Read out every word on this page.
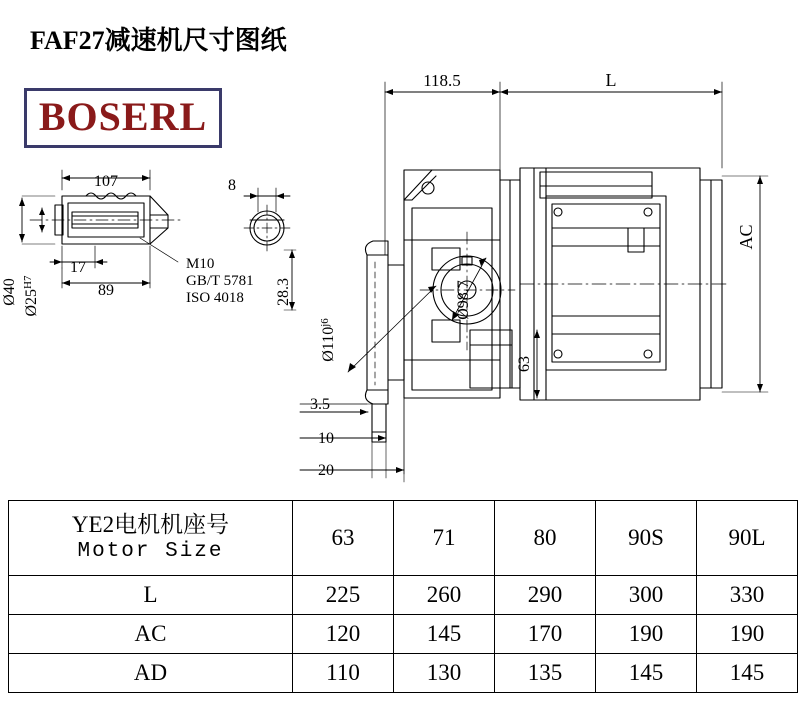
FAF27减速机尺寸图纸
BOSERL
118.5	L
AC
107	8
17
89
Ø40 $Ø25^{H7}$
M10
GB/T 5781
ISO 4018 28.3
$Ø110^{j6}$
Ø98.7
63
3.5
10
20
YE2电机机座号
Motor Size	63	71	80	90S	90L
L	225	260	290	300	330
AC	120	145	170	190	190
AD	110	130	135	145	145
